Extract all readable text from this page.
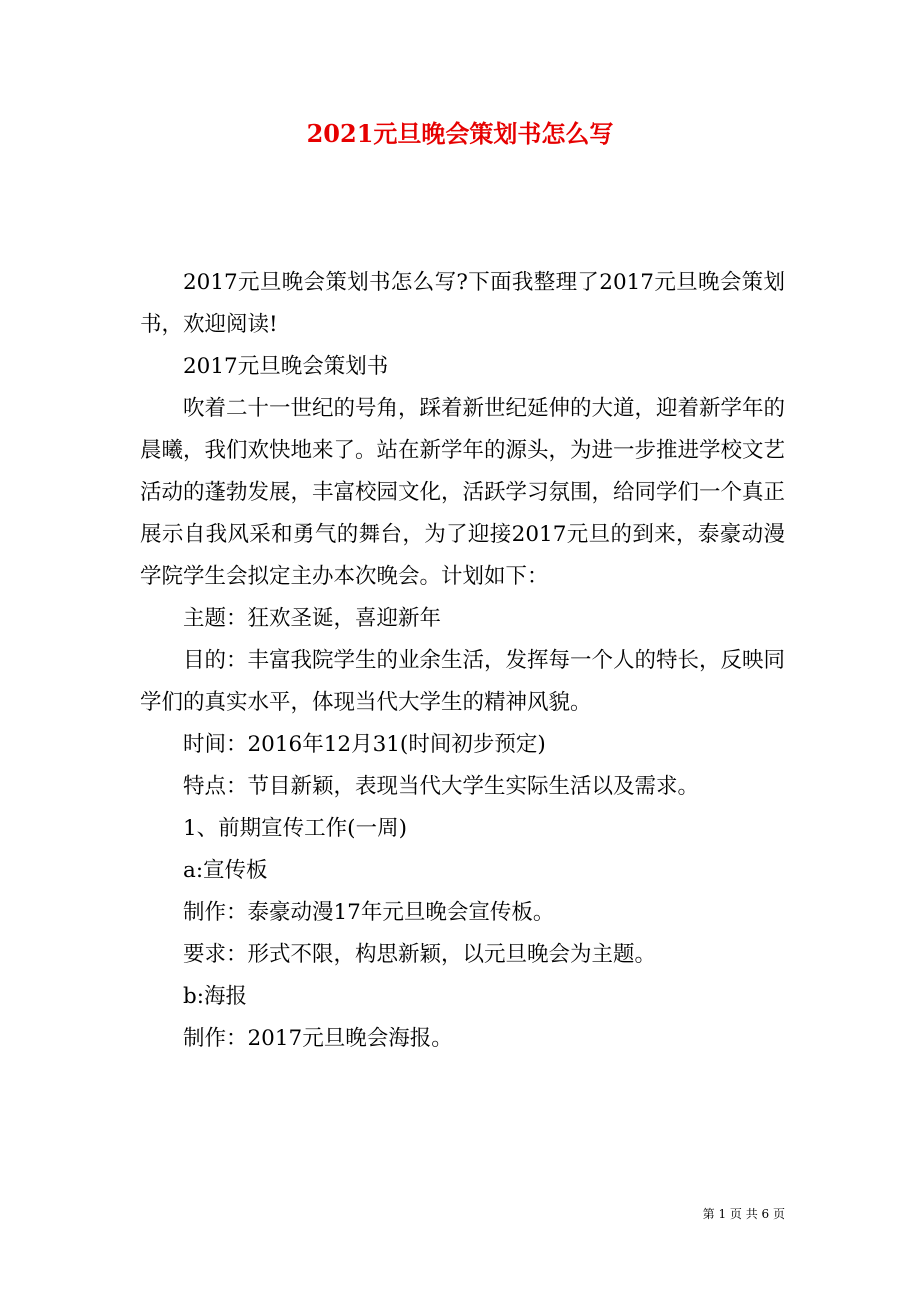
2021元旦晚会策划书怎么写

2017元旦晚会策划书怎么写?下面我整理了2017元旦晚会策划书，欢迎阅读!

2017元旦晚会策划书

吹着二十一世纪的号角，踩着新世纪延伸的大道，迎着新学年的晨曦，我们欢快地来了。站在新学年的源头，为进一步推进学校文艺活动的蓬勃发展，丰富校园文化，活跃学习氛围，给同学们一个真正展示自我风采和勇气的舞台，为了迎接2017元旦的到来，泰豪动漫学院学生会拟定主办本次晚会。计划如下：

主题：狂欢圣诞，喜迎新年

目的：丰富我院学生的业余生活，发挥每一个人的特长，反映同学们的真实水平，体现当代大学生的精神风貌。

时间：2016年12月31(时间初步预定)

特点：节目新颖，表现当代大学生实际生活以及需求。

1、前期宣传工作(一周)

a:宣传板

制作：泰豪动漫17年元旦晚会宣传板。

要求：形式不限，构思新颖，以元旦晚会为主题。

b:海报

制作：2017元旦晚会海报。

第 1 页 共 6 页
